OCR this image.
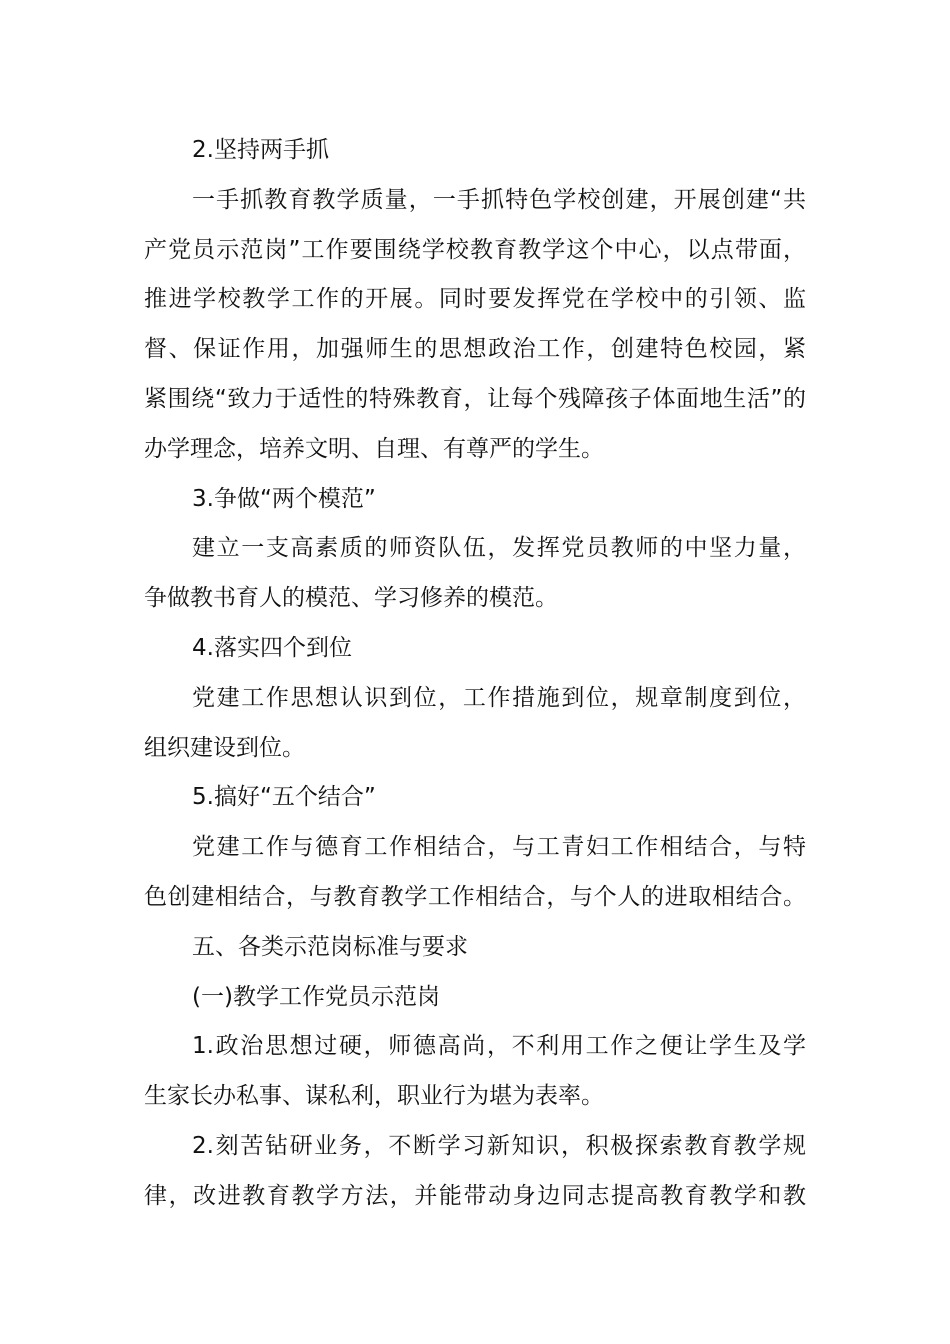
2.坚持两手抓
一手抓教育教学质量，一手抓特色学校创建，开展创建“共
产党员示范岗”工作要围绕学校教育教学这个中心，以点带面，
推进学校教学工作的开展。同时要发挥党在学校中的引领、监
督、保证作用，加强师生的思想政治工作，创建特色校园，紧
紧围绕“致力于适性的特殊教育，让每个残障孩子体面地生活”的
办学理念，培养文明、自理、有尊严的学生。
3.争做“两个模范”
建立一支高素质的师资队伍，发挥党员教师的中坚力量，
争做教书育人的模范、学习修养的模范。
4.落实四个到位
党建工作思想认识到位，工作措施到位，规章制度到位，
组织建设到位。
5.搞好“五个结合”
党建工作与德育工作相结合，与工青妇工作相结合，与特
色创建相结合，与教育教学工作相结合，与个人的进取相结合。
五、各类示范岗标准与要求
(一)教学工作党员示范岗
1.政治思想过硬，师德高尚，不利用工作之便让学生及学
生家长办私事、谋私利，职业行为堪为表率。
2.刻苦钻研业务，不断学习新知识，积极探索教育教学规
律，改进教育教学方法，并能带动身边同志提高教育教学和教
